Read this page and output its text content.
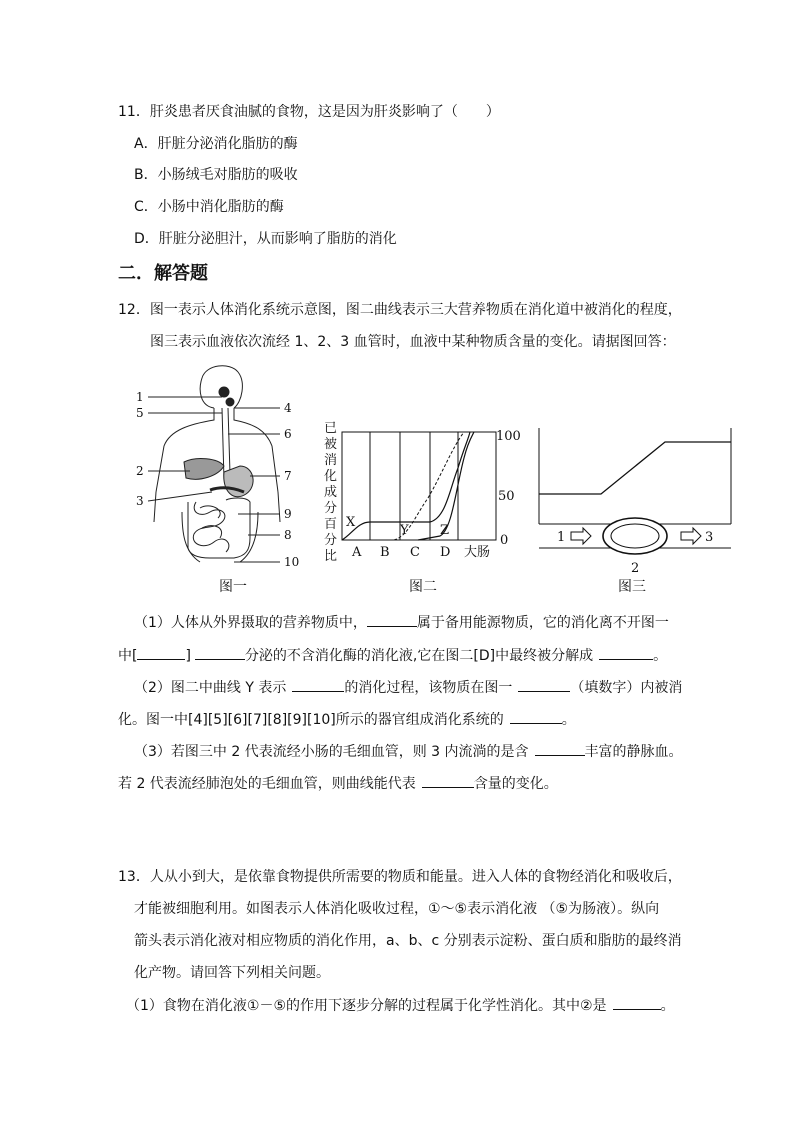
11．肝炎患者厌食油腻的食物，这是因为肝炎影响了（　　）
A．肝脏分泌消化脂肪的酶
B．小肠绒毛对脂肪的吸收
C．小肠中消化脂肪的酶
D．肝脏分泌胆汁，从而影响了脂肪的消化
二．解答题
12．图一表示人体消化系统示意图，图二曲线表示三大营养物质在消化道中被消化的程度，
图三表示血液依次流经 1、2、3 血管时，血液中某种物质含量的变化。请据图回答：
1
5
2
3
4
6
7
9
8
10
图一
已
被
消
化
成
分
百
分
比
X
Y Z
100
50
0
A B C D 大肠
图二
1
2
3
图三
（1）人体从外界摄取的营养物质中，	属于备用能源物质，它的消化离不开图一
中[	]	分泌的不含消化酶的消化液,它在图二[D]中最终被分解成	。
（2）图二中曲线 Y 表示	的消化过程，该物质在图一	（填数字）内被消
化。图一中[4][5][6][7][8][9][10]所示的器官组成消化系统的	。
（3）若图三中 2 代表流经小肠的毛细血管，则 3 内流淌的是含	丰富的静脉血。
若 2 代表流经肺泡处的毛细血管，则曲线能代表	含量的变化。
13．人从小到大，是依靠食物提供所需要的物质和能量。进入人体的食物经消化和吸收后，
才能被细胞利用。如图表示人体消化吸收过程，①～⑤表示消化液 （⑤为肠液）。纵向
箭头表示消化液对相应物质的消化作用，a、b、c 分别表示淀粉、蛋白质和脂肪的最终消
化产物。请回答下列相关问题。
（1）食物在消化液①－⑤的作用下逐步分解的过程属于化学性消化。其中②是	。
